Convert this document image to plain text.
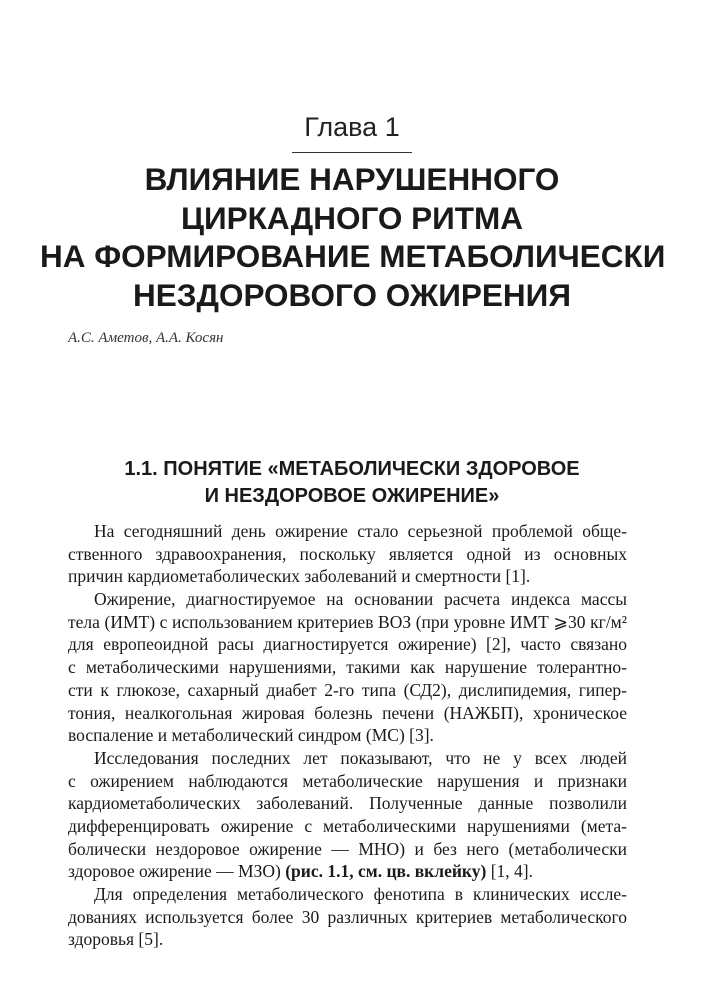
Глава 1
ВЛИЯНИЕ НАРУШЕННОГО
ЦИРКАДНОГО РИТМА
НА ФОРМИРОВАНИЕ МЕТАБОЛИЧЕСКИ
НЕЗДОРОВОГО ОЖИРЕНИЯ
А.С. Аметов, А.А. Косян
1.1. ПОНЯТИЕ «МЕТАБОЛИЧЕСКИ ЗДОРОВОЕ
И НЕЗДОРОВОЕ ОЖИРЕНИЕ»
На сегодняшний день ожирение стало серьезной проблемой обще-
ственного здравоохранения, поскольку является одной из основных
причин кардиометаболических заболеваний и смертности [1].
Ожирение, диагностируемое на основании расчета индекса массы
тела (ИМТ) с использованием критериев ВОЗ (при уровне ИМТ ⩾30 кг/м²
для европеоидной расы диагностируется ожирение) [2], часто связано
с метаболическими нарушениями, такими как нарушение толерантно-
сти к глюкозе, сахарный диабет 2-го типа (СД2), дислипидемия, гипер-
тония, неалкогольная жировая болезнь печени (НАЖБП), хроническое
воспаление и метаболический синдром (МС) [3].
Исследования последних лет показывают, что не у всех людей
с ожирением наблюдаются метаболические нарушения и признаки
кардиометаболических заболеваний. Полученные данные позволили
дифференцировать ожирение с метаболическими нарушениями (мета-
болически нездоровое ожирение — МНО) и без него (метаболически
здоровое ожирение — МЗО) (рис. 1.1, см. цв. вклейку) [1, 4].
Для определения метаболического фенотипа в клинических иссле-
дованиях используется более 30 различных критериев метаболического
здоровья [5].
